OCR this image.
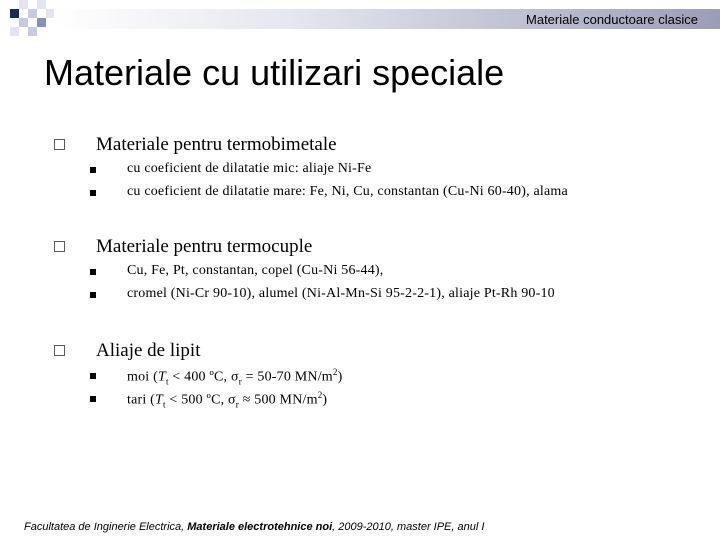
Materiale conductoare clasice
Materiale cu utilizari speciale
Materiale pentru termobimetale
cu coeficient de dilatatie mic: aliaje Ni-Fe
cu coeficient de dilatatie mare: Fe, Ni, Cu, constantan (Cu-Ni 60-40), alama
Materiale pentru termocuple
Cu, Fe, Pt, constantan, copel (Cu-Ni 56-44),
cromel (Ni-Cr 90-10), alumel (Ni-Al-Mn-Si 95-2-2-1), aliaje Pt-Rh 90-10
Aliaje de lipit
moi ($T_t < 400$ ºC, $\sigma_r = 50-70$ $MN/m^2$)
tari ($T_t < 500$ ºC, $\sigma_r \approx 500$ $MN/m^2$)
Facultatea de Inginerie Electrica, Materiale electrotehnice noi, 2009-2010, master IPE, anul I
